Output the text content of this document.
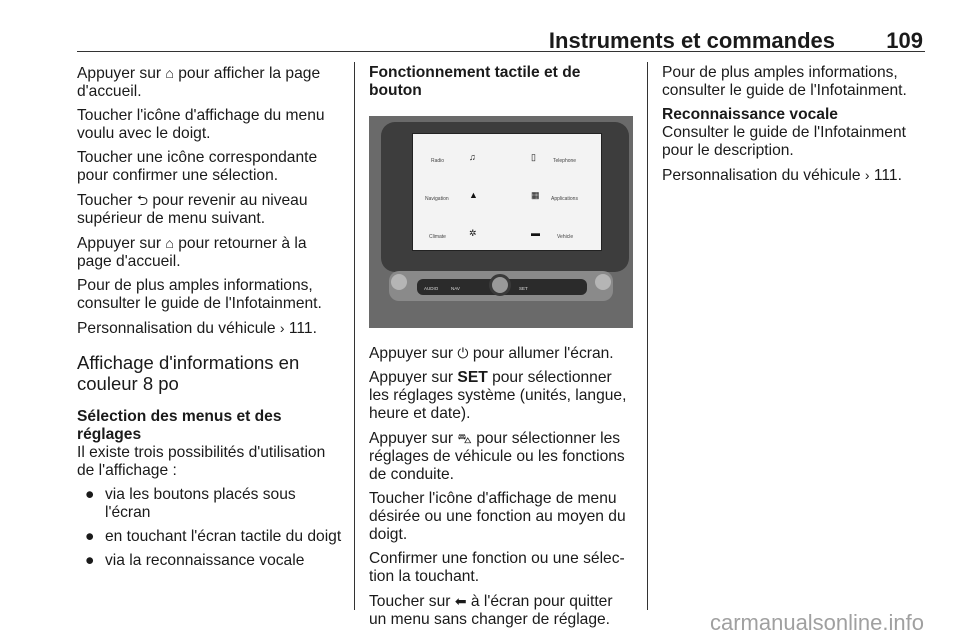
Instruments et commandes 109

Appuyer sur ⌂ pour afficher la page d'accueil.

Toucher l'icône d'affichage du menu voulu avec le doigt.

Toucher une icône correspondante pour confirmer une sélection.

Toucher ⮌ pour revenir au niveau supérieur de menu suivant.

Appuyer sur ⌂ pour retourner à la page d'accueil.

Pour de plus amples informations, consulter le guide de l'Infotainment.

Personnalisation du véhicule › 111.

Affichage d'informations en couleur 8 po
Sélection des menus et des réglages

Il existe trois possibilités d'utilisation de l'affichage :

● via les boutons placés sous l'écran
● en touchant l'écran tactile du doigt
● via la reconnaissance vocale
Fonctionnement tactile et de bouton
Radio	♫	▯	Telephone
Navigation ▲	▦ Applications
Climate	✲	▬	Vehicle
AUDIO	NAV	SET

Appuyer sur ⏻ pour allumer l'écran.

Appuyer sur SET pour sélectionner les réglages système (unités, langue, heure et date).

Appuyer sur ⛍ pour sélectionner les réglages de véhicule ou les fonctions de conduite.

Toucher l'icône d'affichage de menu désirée ou une fonction au moyen du doigt.

Confirmer une fonction ou une sélec- tion la touchant.

Toucher sur ⬅ à l'écran pour quitter un menu sans changer de réglage.

Pour de plus amples informations, consulter le guide de l'Infotainment.

Reconnaissance vocale

Consulter le guide de l'Infotainment pour le description.

Personnalisation du véhicule › 111.

carmanualsonline.info
